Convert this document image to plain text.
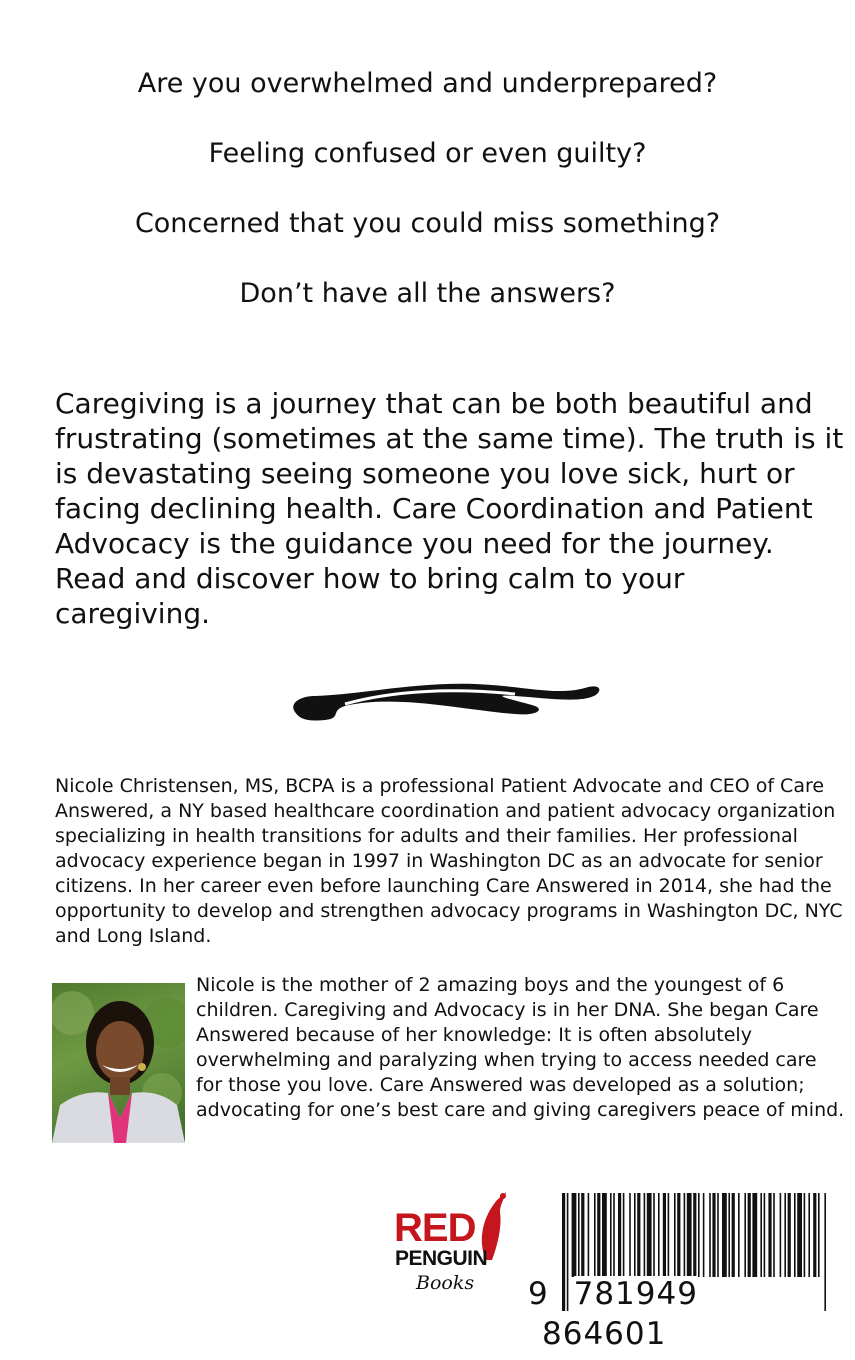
Are you overwhelmed and underprepared?

Feeling confused or even guilty?

Concerned that you could miss something?

Don’t have all the answers?

Caregiving is a journey that can be both beautiful and frustrating (sometimes at the same time). The truth is it is devastating seeing someone you love sick, hurt or facing declining health. Care Coordination and Patient Advocacy is the guidance you need for the journey. Read and discover how to bring calm to your caregiving.

Nicole Christensen, MS, BCPA is a professional Patient Advocate and CEO of Care Answered, a NY based healthcare coordination and patient advocacy organization specializing in health transitions for adults and their families. Her professional advocacy experience began in 1997 in Washington DC as an advocate for senior citizens. In her career even before launching Care Answered in 2014, she had the opportunity to develop and strengthen advocacy programs in Washington DC, NYC and Long Island.

Nicole is the mother of 2 amazing boys and the youngest of 6 children. Caregiving and Advocacy is in her DNA. She began Care Answered because of her knowledge: It is often absolutely overwhelming and paralyzing when trying to access needed care for those you love. Care Answered was developed as a solution; advocating for one’s best care and giving caregivers peace of mind.

RED
PENGUIN
Books 9 781949 864601
